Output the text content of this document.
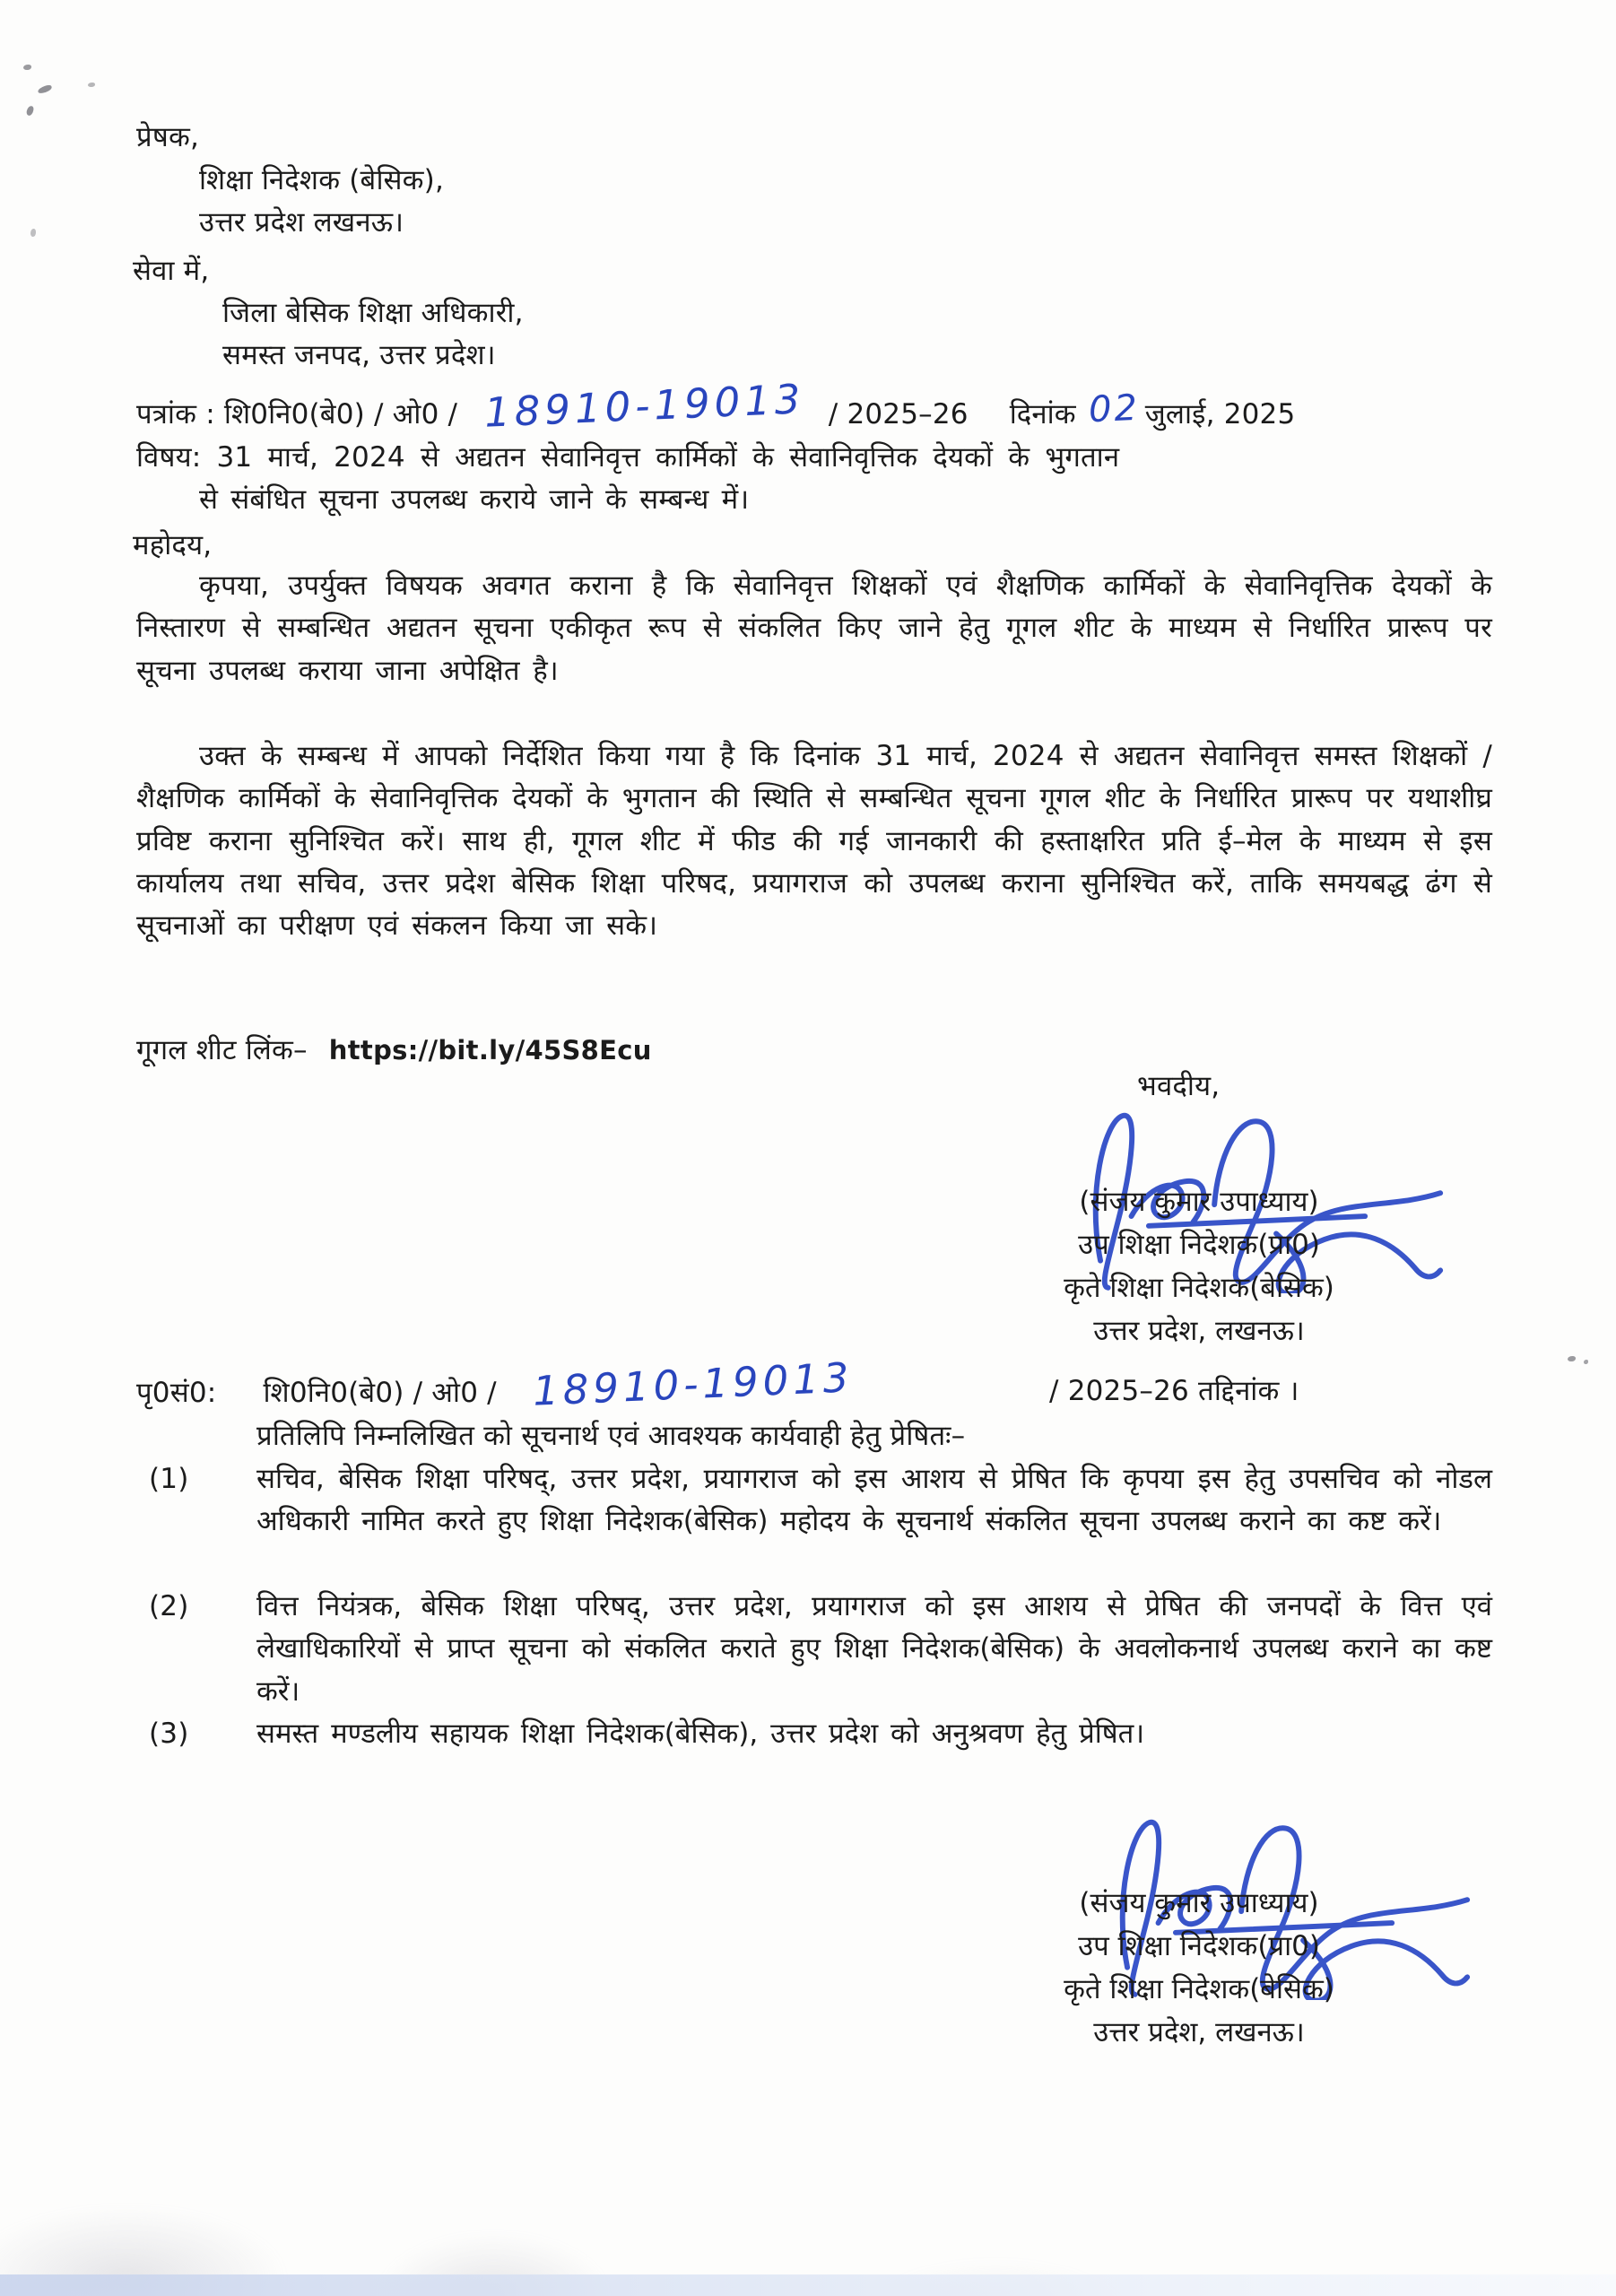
प्रेषक,
शिक्षा निदेशक (बेसिक),
उत्तर प्रदेश लखनऊ।
सेवा में,
जिला बेसिक शिक्षा अधिकारी,
समस्त जनपद, उत्तर प्रदेश।
पत्रांक : शि0नि0(बे0) / ओ0 / 18910-19013 / 2025–26 दिनांक 02 जुलाई, 2025
विषय: 31 मार्च, 2024 से अद्यतन सेवानिवृत्त कार्मिकों के सेवानिवृत्तिक देयकों के भुगतान
से संबंधित सूचना उपलब्ध कराये जाने के सम्बन्ध में।
महोदय,
कृपया, उपर्युक्त विषयक अवगत कराना है कि सेवानिवृत्त शिक्षकों एवं शैक्षणिक कार्मिकों के सेवानिवृत्तिक देयकों के निस्तारण से सम्बन्धित अद्यतन सूचना एकीकृत रूप से संकलित किए जाने हेतु गूगल शीट के माध्यम से निर्धारित प्रारूप पर सूचना उपलब्ध कराया जाना अपेक्षित है।
उक्त के सम्बन्ध में आपको निर्देशित किया गया है कि दिनांक 31 मार्च, 2024 से अद्यतन सेवानिवृत्त समस्त शिक्षकों / शैक्षणिक कार्मिकों के सेवानिवृत्तिक देयकों के भुगतान की स्थिति से सम्बन्धित सूचना गूगल शीट के निर्धारित प्रारूप पर यथाशीघ्र प्रविष्ट कराना सुनिश्चित करें। साथ ही, गूगल शीट में फीड की गई जानकारी की हस्ताक्षरित प्रति ई–मेल के माध्यम से इस कार्यालय तथा सचिव, उत्तर प्रदेश बेसिक शिक्षा परिषद, प्रयागराज को उपलब्ध कराना सुनिश्चित करें, ताकि समयबद्ध ढंग से सूचनाओं का परीक्षण एवं संकलन किया जा सके।
गूगल शीट लिंक– https://bit.ly/45S8Ecu
भवदीय,
(संजय कुमार उपाध्याय)
उप शिक्षा निदेशक(प्रा0)
कृते शिक्षा निदेशक(बेसिक)
उत्तर प्रदेश, लखनऊ।
पृ0सं0: शि0नि0(बे0) / ओ0 / 18910-19013	/ 2025–26 तद्दिनांक ।
प्रतिलिपि निम्नलिखित को सूचनार्थ एवं आवश्यक कार्यवाही हेतु प्रेषितः–
(1) सचिव, बेसिक शिक्षा परिषद्, उत्तर प्रदेश, प्रयागराज को इस आशय से प्रेषित कि कृपया इस हेतु उपसचिव को नोडल अधिकारी नामित करते हुए शिक्षा निदेशक(बेसिक) महोदय के सूचनार्थ संकलित सूचना उपलब्ध कराने का कष्ट करें।
(2) वित्त नियंत्रक, बेसिक शिक्षा परिषद्, उत्तर प्रदेश, प्रयागराज को इस आशय से प्रेषित की जनपदों के वित्त एवं लेखाधिकारियों से प्राप्त सूचना को संकलित कराते हुए शिक्षा निदेशक(बेसिक) के अवलोकनार्थ उपलब्ध कराने का कष्ट करें।
(3) समस्त मण्डलीय सहायक शिक्षा निदेशक(बेसिक), उत्तर प्रदेश को अनुश्रवण हेतु प्रेषित।
(संजय कुमार उपाध्याय)
उप शिक्षा निदेशक(प्रा0)
कृते शिक्षा निदेशक(बेसिक)
उत्तर प्रदेश, लखनऊ।
